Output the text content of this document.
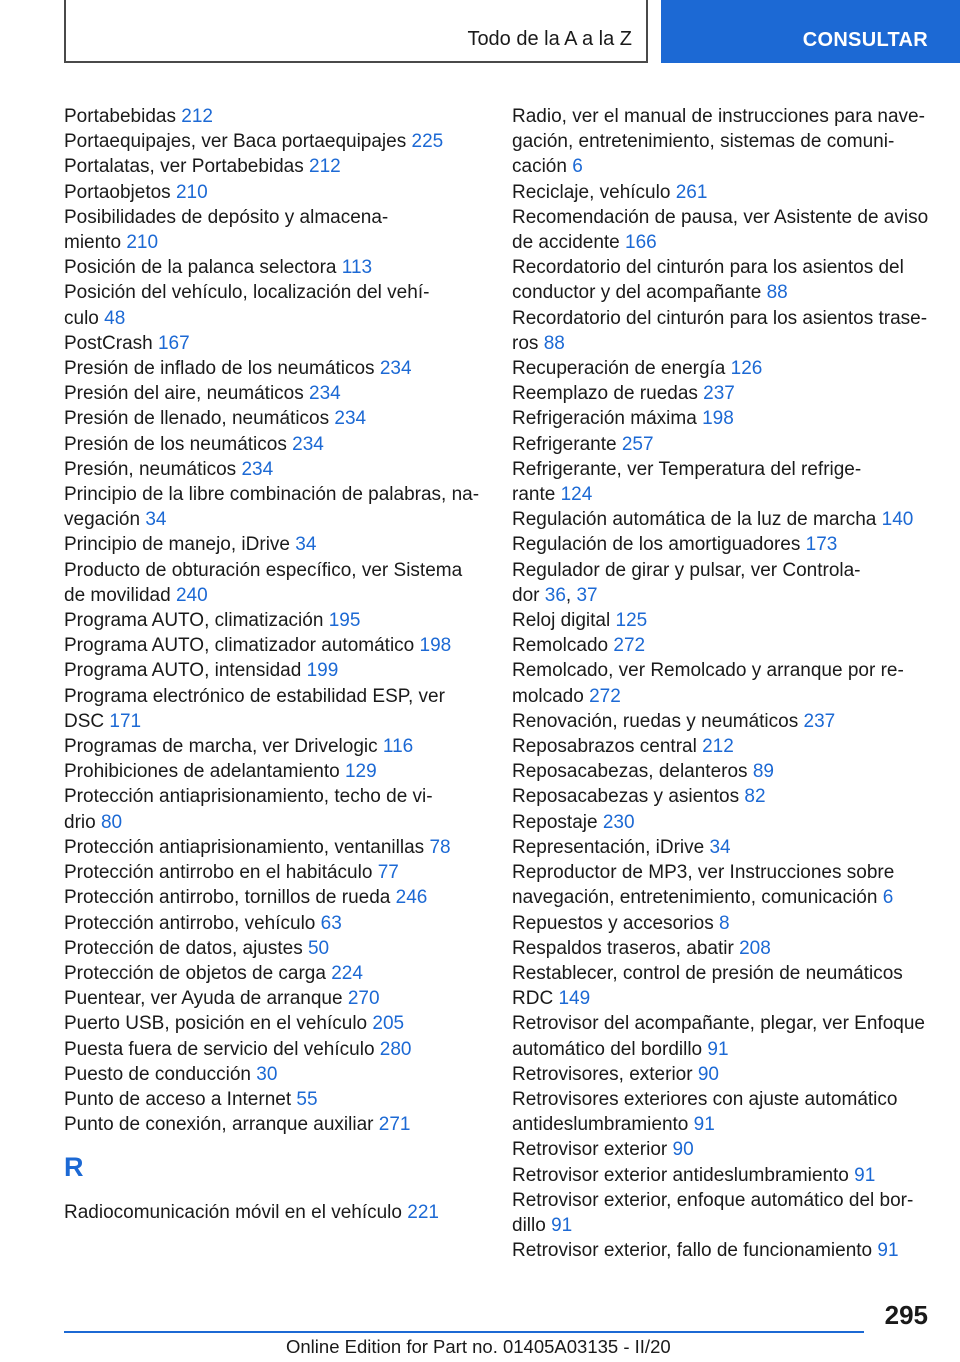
Todo de la A a la Z	CONSULTAR
Portabebidas 212
Portaequipajes, ver Baca portaequipajes 225
Portalatas, ver Portabebidas 212
Portaobjetos 210
Posibilidades de depósito y almacena-
miento 210
Posición de la palanca selectora 113
Posición del vehículo, localización del vehí-
culo 48
PostCrash 167
Presión de inflado de los neumáticos 234
Presión del aire, neumáticos 234
Presión de llenado, neumáticos 234
Presión de los neumáticos 234
Presión, neumáticos 234
Principio de la libre combinación de palabras, na-
vegación 34
Principio de manejo, iDrive 34
Producto de obturación específico, ver Sistema
de movilidad 240
Programa AUTO, climatización 195
Programa AUTO, climatizador automático 198
Programa AUTO, intensidad 199
Programa electrónico de estabilidad ESP, ver
DSC 171
Programas de marcha, ver Drivelogic 116
Prohibiciones de adelantamiento 129
Protección antiaprisionamiento, techo de vi-
drio 80
Protección antiaprisionamiento, ventanillas 78
Protección antirrobo en el habitáculo 77
Protección antirrobo, tornillos de rueda 246
Protección antirrobo, vehículo 63
Protección de datos, ajustes 50
Protección de objetos de carga 224
Puentear, ver Ayuda de arranque 270
Puerto USB, posición en el vehículo 205
Puesta fuera de servicio del vehículo 280
Puesto de conducción 30
Punto de acceso a Internet 55
Punto de conexión, arranque auxiliar 271
R
Radiocomunicación móvil en el vehículo 221
Radio, ver el manual de instrucciones para nave-
gación, entretenimiento, sistemas de comuni-
cación 6
Reciclaje, vehículo 261
Recomendación de pausa, ver Asistente de aviso
de accidente 166
Recordatorio del cinturón para los asientos del
conductor y del acompañante 88
Recordatorio del cinturón para los asientos trase-
ros 88
Recuperación de energía 126
Reemplazo de ruedas 237
Refrigeración máxima 198
Refrigerante 257
Refrigerante, ver Temperatura del refrige-
rante 124
Regulación automática de la luz de marcha 140
Regulación de los amortiguadores 173
Regulador de girar y pulsar, ver Controla-
dor 36, 37
Reloj digital 125
Remolcado 272
Remolcado, ver Remolcado y arranque por re-
molcado 272
Renovación, ruedas y neumáticos 237
Reposabrazos central 212
Reposacabezas, delanteros 89
Reposacabezas y asientos 82
Repostaje 230
Representación, iDrive 34
Reproductor de MP3, ver Instrucciones sobre
navegación, entretenimiento, comunicación 6
Repuestos y accesorios 8
Respaldos traseros, abatir 208
Restablecer, control de presión de neumáticos
RDC 149
Retrovisor del acompañante, plegar, ver Enfoque
automático del bordillo 91
Retrovisores, exterior 90
Retrovisores exteriores con ajuste automático
antideslumbramiento 91
Retrovisor exterior 90
Retrovisor exterior antideslumbramiento 91
Retrovisor exterior, enfoque automático del bor-
dillo 91
Retrovisor exterior, fallo de funcionamiento 91
295
Online Edition for Part no. 01405A03135 - II/20
